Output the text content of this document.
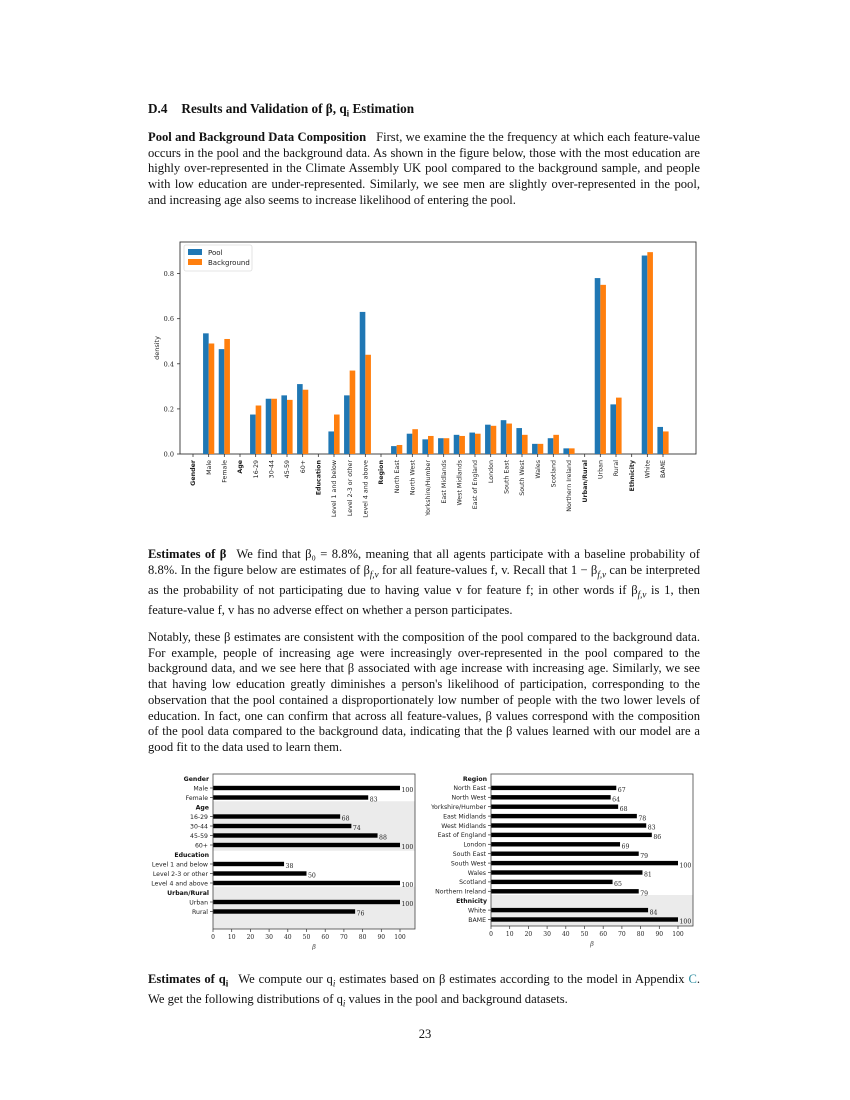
D.4 Results and Validation of β, $q_i$ Estimation
Pool and Background Data Composition First, we examine the the frequency at which each feature-value occurs in the pool and the background data. As shown in the figure below, those with the most education are highly over-represented in the Climate Assembly UK pool compared to the background sample, and people with low education are under-represented. Similarly, we see men are slightly over-represented in the pool, and increasing age also seems to increase likelihood of entering the pool.
0.0
0.2
0.4
0.6
0.8
density
Gender Male Female Age 16-29 30-44 45-59 60+ Education Level 1 and below Level 2-3 or other Level 4 and above Region North East North West Yorkshire/Humber East Midlands West Midlands East of England London South East South West Wales Scotland Northern Ireland Urban/Rural Urban Rural Ethnicity White BAME
Pool
Background
Estimates of β We find that β₀ = 8.8%, meaning that all agents participate with a baseline probability of 8.8%. In the figure below are estimates of $\beta_{f,v}$ for all feature-values f, v. Recall that $1 - \beta_{f,v}$ can be interpreted as the probability of not participating due to having value v for feature f; in other words if $\beta_{f,v}$ is 1, then feature-value f, v has no adverse effect on whether a person participates.
Notably, these β estimates are consistent with the composition of the pool compared to the background data. For example, people of increasing age were increasingly over-represented in the pool compared to the background data, and we see here that β associated with age increase with increasing age. Similarly, we see that having low education greatly diminishes a person's likelihood of participation, corresponding to the observation that the pool contained a disproportionately low number of people with the two lower levels of education. In fact, one can confirm that across all feature-values, β values correspond with the composition of the pool data compared to the background data, indicating that the β values learned with our model are a good fit to the data used to learn them.
Gender
Male	100
Female	83
Age
16-29	68
30-44	74
45-59	88
60+	100
Education
Level 1 and below	38
Level 2-3 or other	50
Level 4 and above	100
Urban/Rural
Urban	100
Rural	76
0 10 20 30 40 50 60 70 80 90 100
β
Region
North East	67
North West	64
Yorkshire/Humber	68
East Midlands	78
West Midlands	83
East of England	86
London	69
South East	79
South West	100
Wales	81
Scotland	65
Northern Ireland	79
Ethnicity
White	84
BAME	100
0 10 20 30 40 50 60 70 80 90 100
β
Estimates of $q_i$ We compute our $q_i$ estimates based on β estimates according to the model in Appendix C. We get the following distributions of $q_i$ values in the pool and background datasets.
23
